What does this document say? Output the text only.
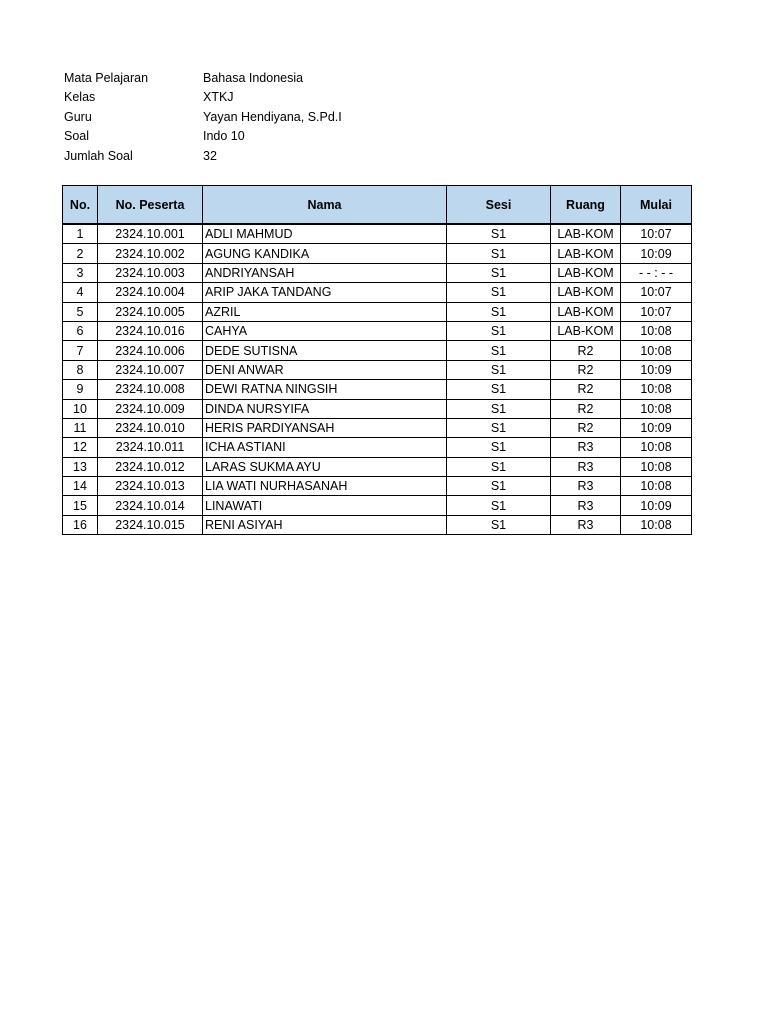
Mata Pelajaran	Bahasa Indonesia
Kelas	XTKJ
Guru	Yayan Hendiyana, S.Pd.I
Soal	Indo 10
Jumlah Soal	32
No.	No. Peserta	Nama	Sesi	Ruang	Mulai
1	2324.10.001	ADLI MAHMUD	S1	LAB-KOM	10:07
2	2324.10.002	AGUNG KANDIKA	S1	LAB-KOM	10:09
3	2324.10.003	ANDRIYANSAH	S1	LAB-KOM	- - : - -
4	2324.10.004	ARIP JAKA TANDANG	S1	LAB-KOM	10:07
5	2324.10.005	AZRIL	S1	LAB-KOM	10:07
6	2324.10.016	CAHYA	S1	LAB-KOM	10:08
7	2324.10.006	DEDE SUTISNA	S1	R2	10:08
8	2324.10.007	DENI ANWAR	S1	R2	10:09
9	2324.10.008	DEWI RATNA NINGSIH	S1	R2	10:08
10	2324.10.009	DINDA NURSYIFA	S1	R2	10:08
11	2324.10.010	HERIS PARDIYANSAH	S1	R2	10:09
12	2324.10.011	ICHA ASTIANI	S1	R3	10:08
13	2324.10.012	LARAS SUKMA AYU	S1	R3	10:08
14	2324.10.013	LIA WATI NURHASANAH	S1	R3	10:08
15	2324.10.014	LINAWATI	S1	R3	10:09
16	2324.10.015	RENI ASIYAH	S1	R3	10:08
